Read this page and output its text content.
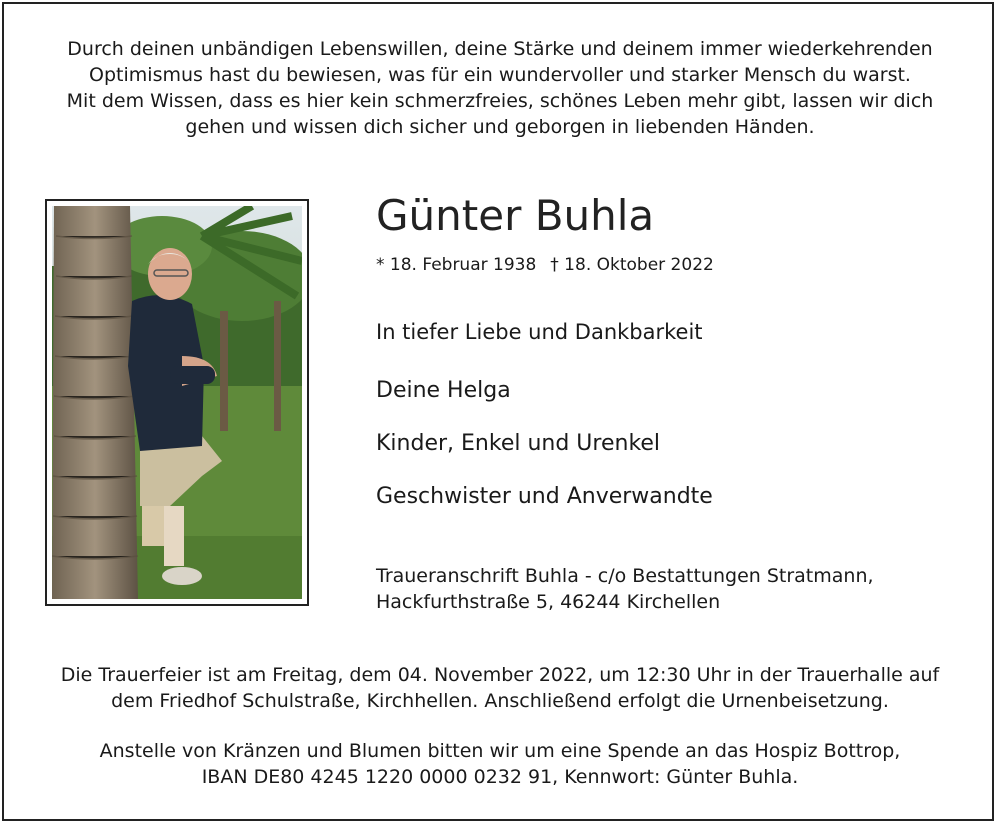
Durch deinen unbändigen Lebenswillen, deine Stärke und deinem immer wiederkehrenden
Optimismus hast du bewiesen, was für ein wundervoller und starker Mensch du warst.
Mit dem Wissen, dass es hier kein schmerzfreies, schönes Leben mehr gibt, lassen wir dich
gehen und wissen dich sicher und geborgen in liebenden Händen.
Günter Buhla
* 18. Februar 1938 † 18. Oktober 2022
In tiefer Liebe und Dankbarkeit
Deine Helga
Kinder, Enkel und Urenkel
Geschwister und Anverwandte
Traueranschrift Buhla - c/o Bestattungen Stratmann,
Hackfurthstraße 5, 46244 Kirchellen
Die Trauerfeier ist am Freitag, dem 04. November 2022, um 12:30 Uhr in der Trauerhalle auf
dem Friedhof Schulstraße, Kirchhellen. Anschließend erfolgt die Urnenbeisetzung.
Anstelle von Kränzen und Blumen bitten wir um eine Spende an das Hospiz Bottrop,
IBAN DE80 4245 1220 0000 0232 91, Kennwort: Günter Buhla.
